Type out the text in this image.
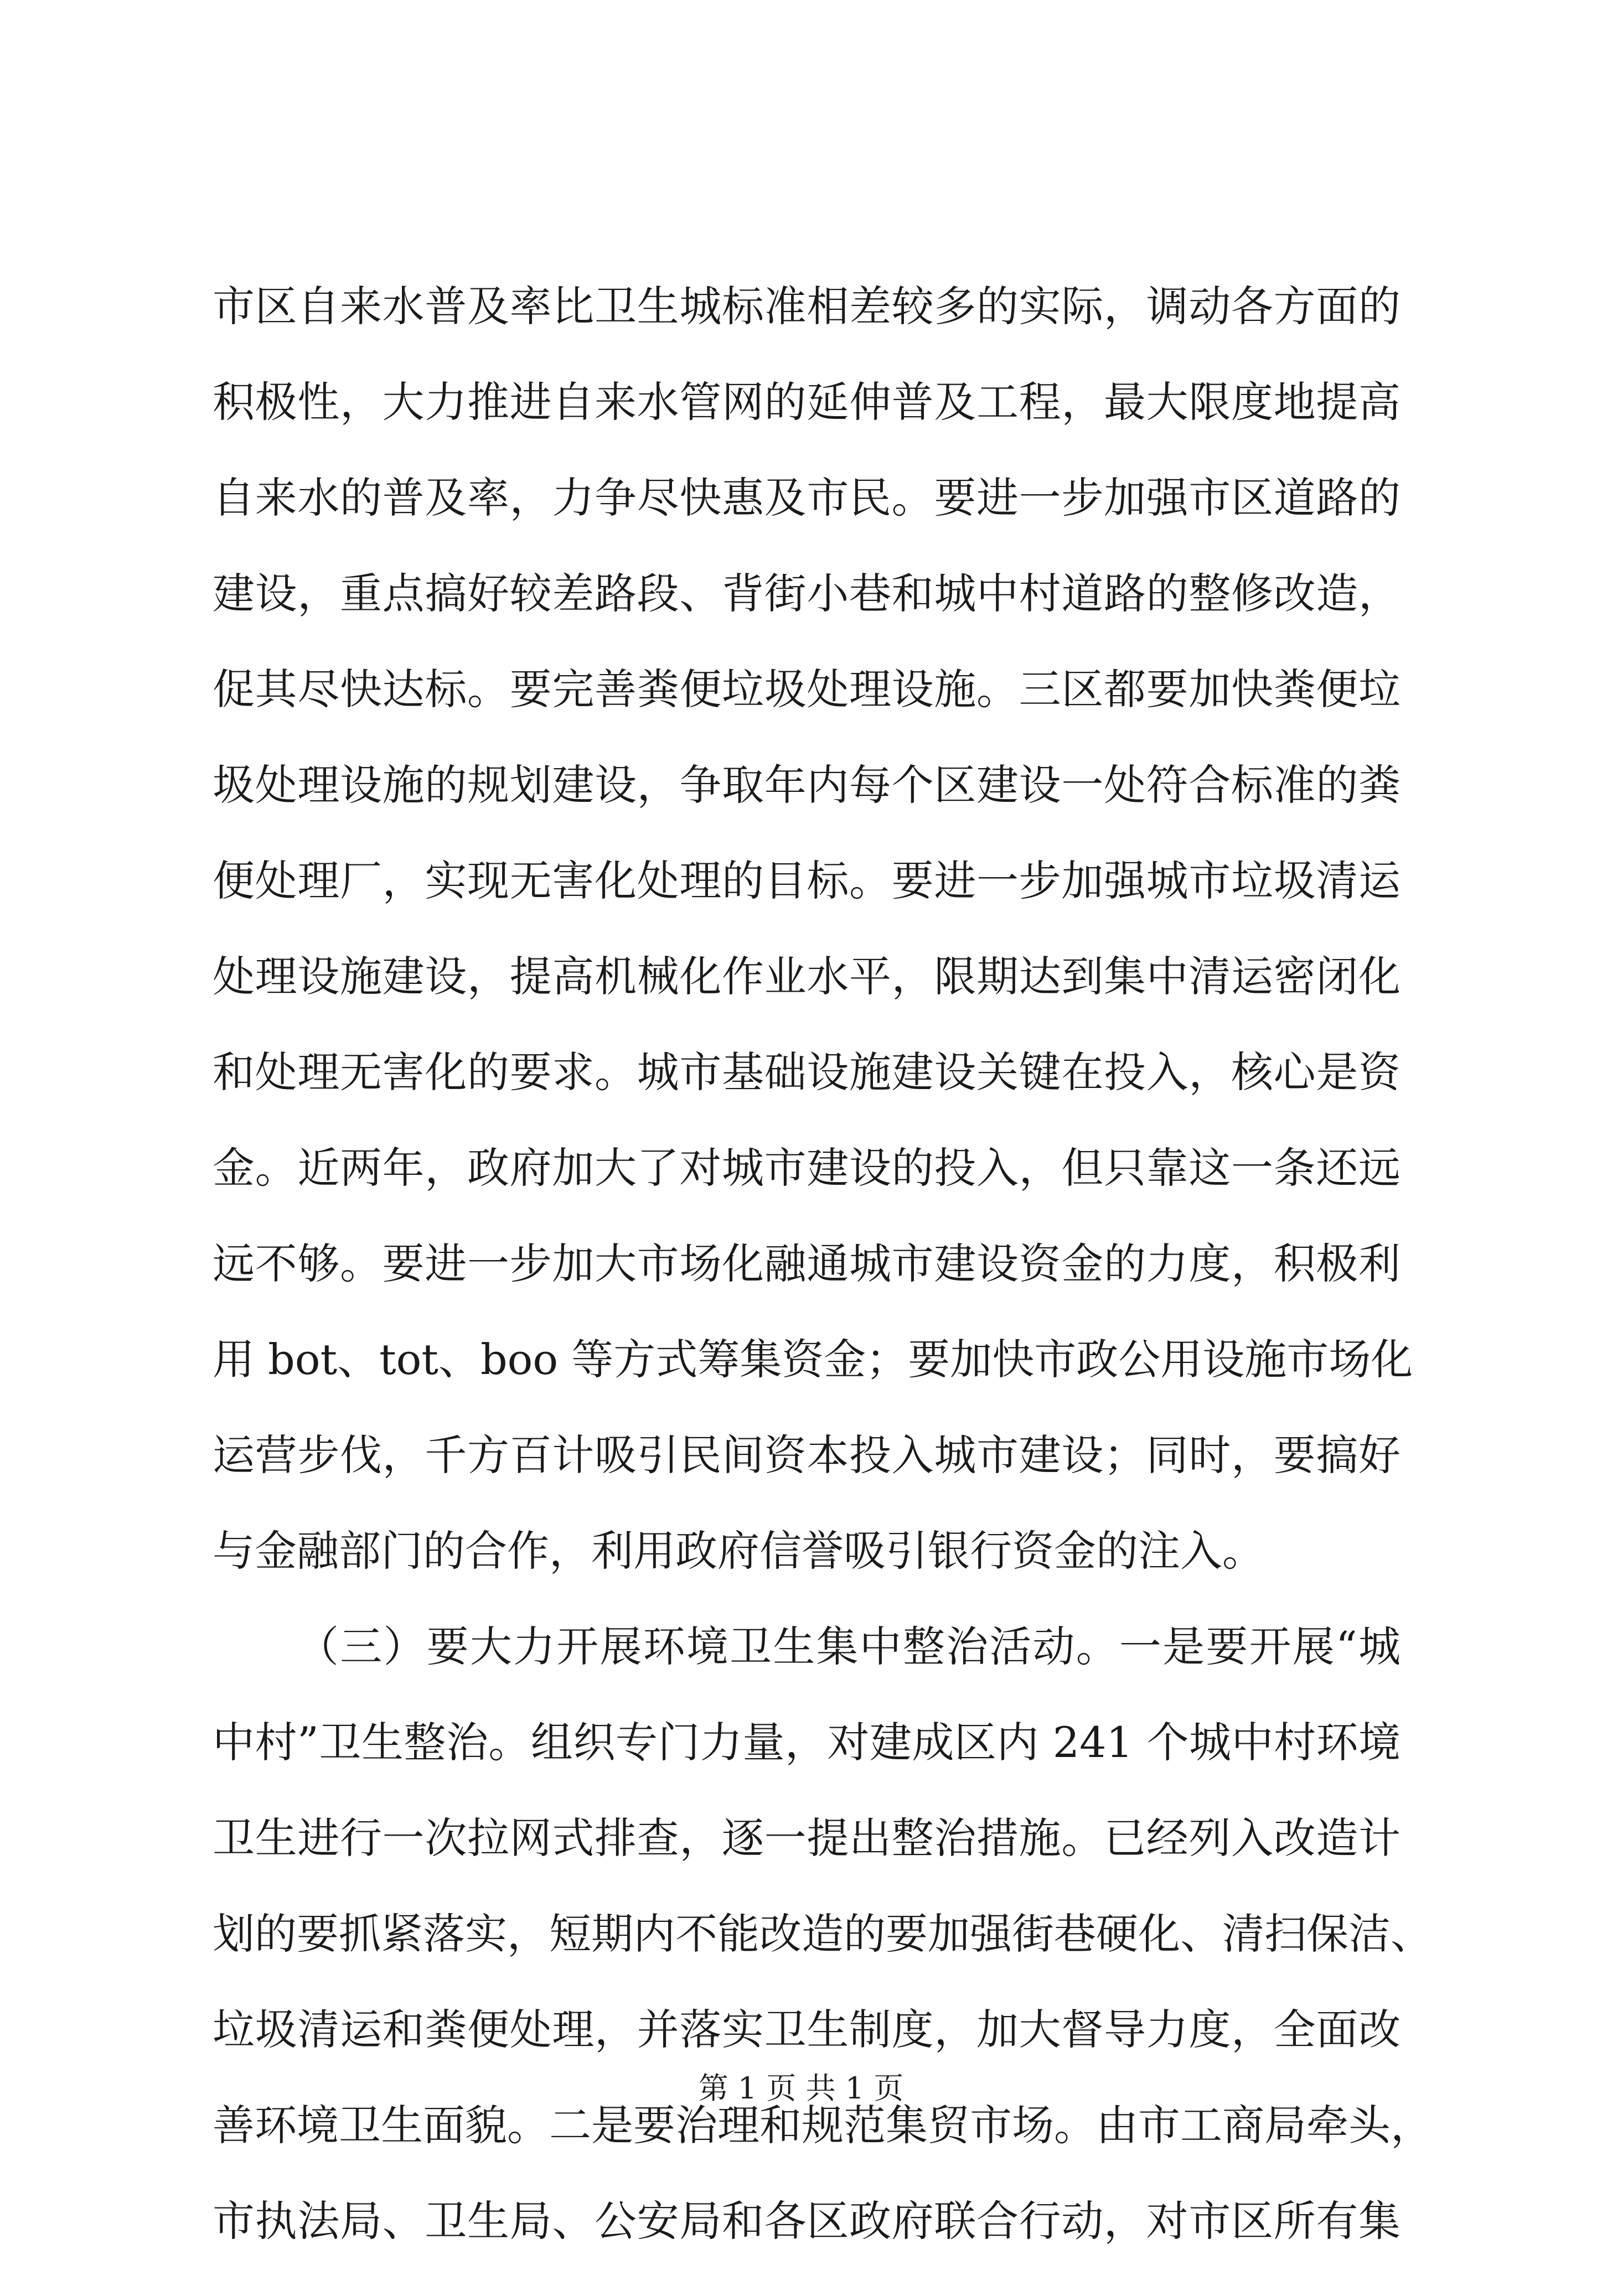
市区自来水普及率比卫生城标准相差较多的实际，调动各方面的
积极性，大力推进自来水管网的延伸普及工程，最大限度地提高
自来水的普及率，力争尽快惠及市民。要进一步加强市区道路的
建设，重点搞好较差路段、背街小巷和城中村道路的整修改造，
促其尽快达标。要完善粪便垃圾处理设施。三区都要加快粪便垃
圾处理设施的规划建设，争取年内每个区建设一处符合标准的粪
便处理厂，实现无害化处理的目标。要进一步加强城市垃圾清运
处理设施建设，提高机械化作业水平，限期达到集中清运密闭化
和处理无害化的要求。城市基础设施建设关键在投入，核心是资
金。近两年，政府加大了对城市建设的投入，但只靠这一条还远
远不够。要进一步加大市场化融通城市建设资金的力度，积极利
用 bot、tot、boo 等方式筹集资金；要加快市政公用设施市场化
运营步伐，千方百计吸引民间资本投入城市建设；同时，要搞好
与金融部门的合作，利用政府信誉吸引银行资金的注入。
（三）要大力开展环境卫生集中整治活动。一是要开展“城
中村”卫生整治。组织专门力量，对建成区内 241 个城中村环境
卫生进行一次拉网式排查，逐一提出整治措施。已经列入改造计
划的要抓紧落实，短期内不能改造的要加强街巷硬化、清扫保洁、
垃圾清运和粪便处理，并落实卫生制度，加大督导力度，全面改
善环境卫生面貌。二是要治理和规范集贸市场。由市工商局牵头，
市执法局、卫生局、公安局和各区政府联合行动，对市区所有集
第 1 页 共 1 页
